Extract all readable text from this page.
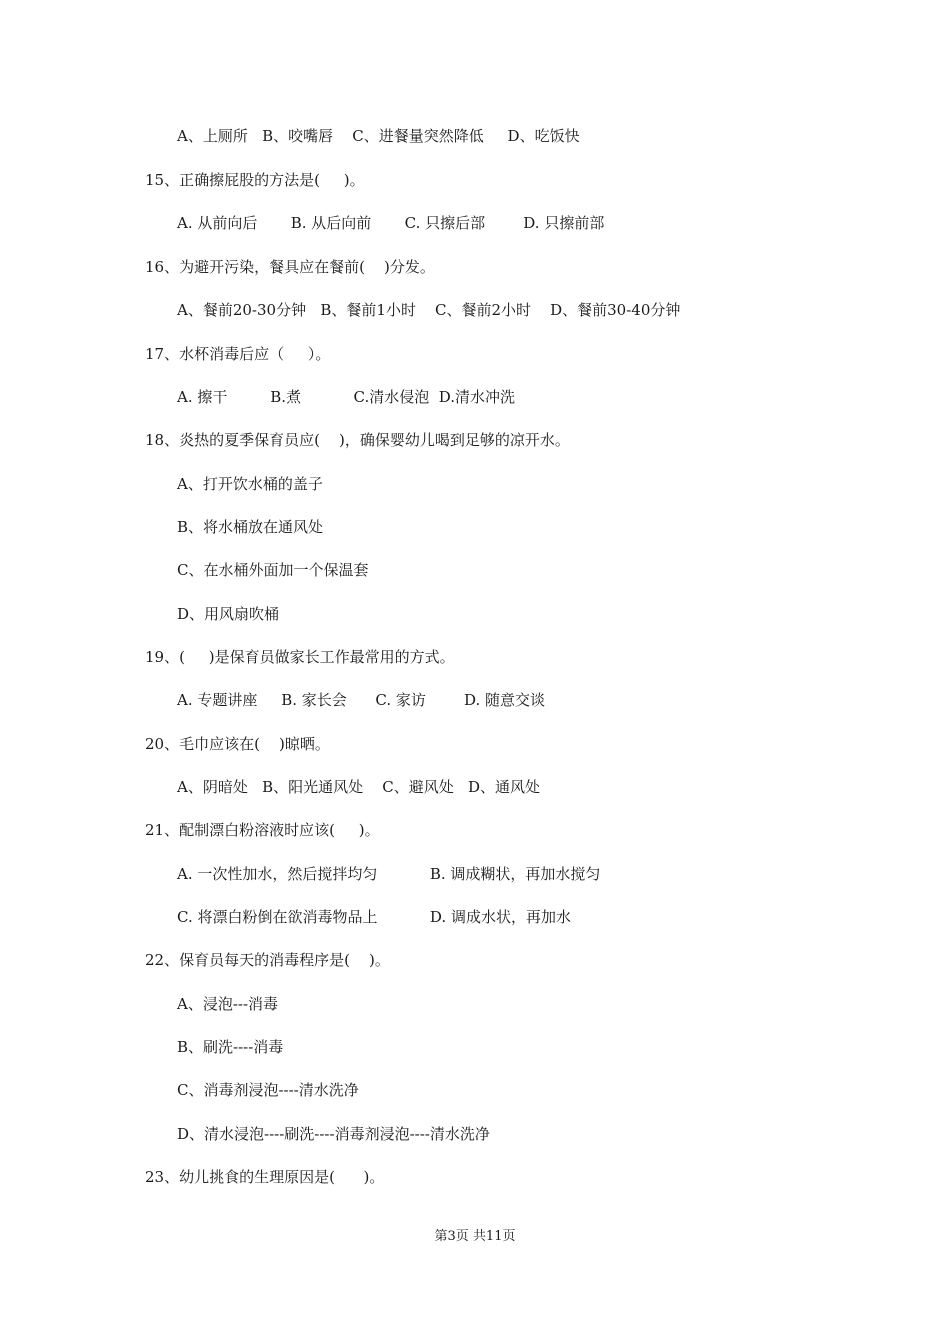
A、上厕所   B、咬嘴唇    C、进餐量突然降低     D、吃饭快
15、正确擦屁股的方法是(     )。
A. 从前向后       B. 从后向前       C. 只擦后部        D. 只擦前部
16、为避开污染，餐具应在餐前(    )分发。
A、餐前20-30分钟   B、餐前1小时    C、餐前2小时    D、餐前30-40分钟
17、水杯消毒后应（     ）。
A. 擦干         B.煮           C.清水侵泡  D.清水冲洗
18、炎热的夏季保育员应(    )，确保婴幼儿喝到足够的凉开水。
A、打开饮水桶的盖子
B、将水桶放在通风处
C、在水桶外面加一个保温套
D、用风扇吹桶
19、(     )是保育员做家长工作最常用的方式。
A. 专题讲座     B. 家长会      C. 家访        D. 随意交谈
20、毛巾应该在(    )晾晒。
A、阴暗处   B、阳光通风处    C、避风处   D、通风处
21、配制漂白粉溶液时应该(     )。
A. 一次性加水，然后搅拌均匀           B. 调成糊状，再加水搅匀
C. 将漂白粉倒在欲消毒物品上           D. 调成水状，再加水
22、保育员每天的消毒程序是(    )。
A、浸泡---消毒
B、刷洗----消毒
C、消毒剂浸泡----清水洗净
D、清水浸泡----刷洗----消毒剂浸泡----清水洗净
23、幼儿挑食的生理原因是(      )。
第3页 共11页
